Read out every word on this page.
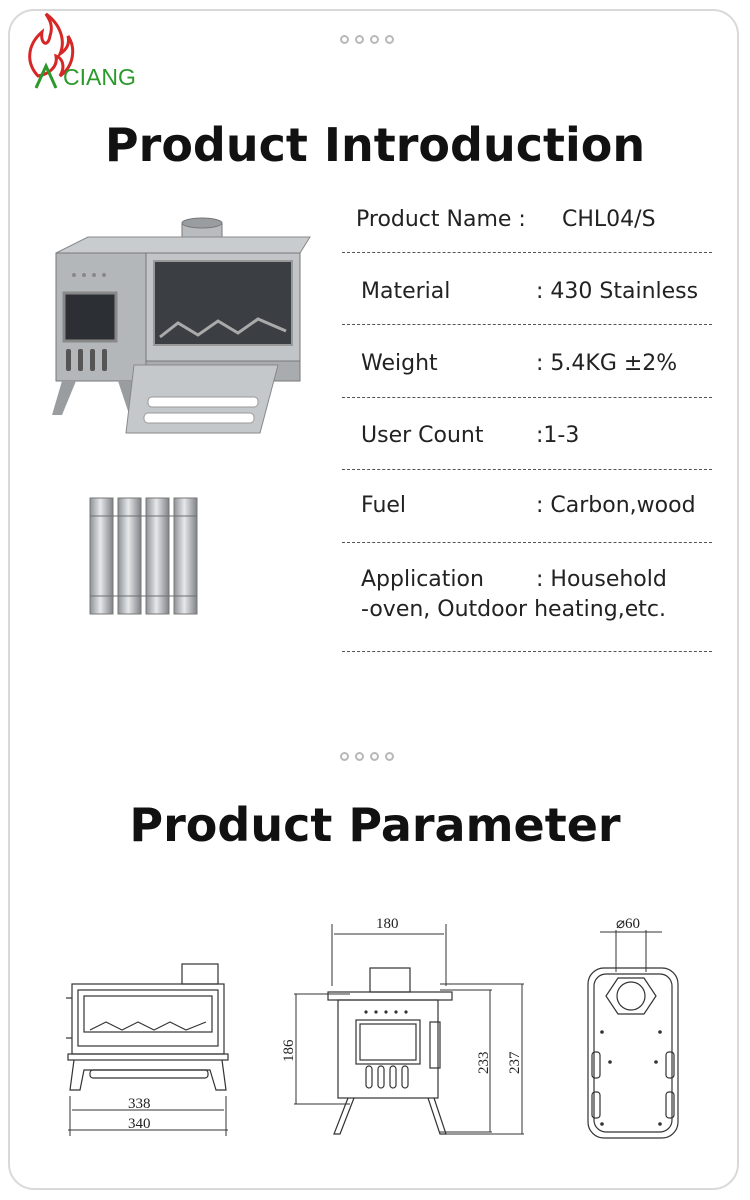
CIANG
Product Introduction
Product Name : CHL04/S
Material	: 430 Stainless
Weight	: 5.4KG ±2%
User Count :1-3
Fuel	: Carbon,wood
Application : Household
-oven, Outdoor heating,etc.
Product Parameter
338
340
180
186
233 237
⌀60
